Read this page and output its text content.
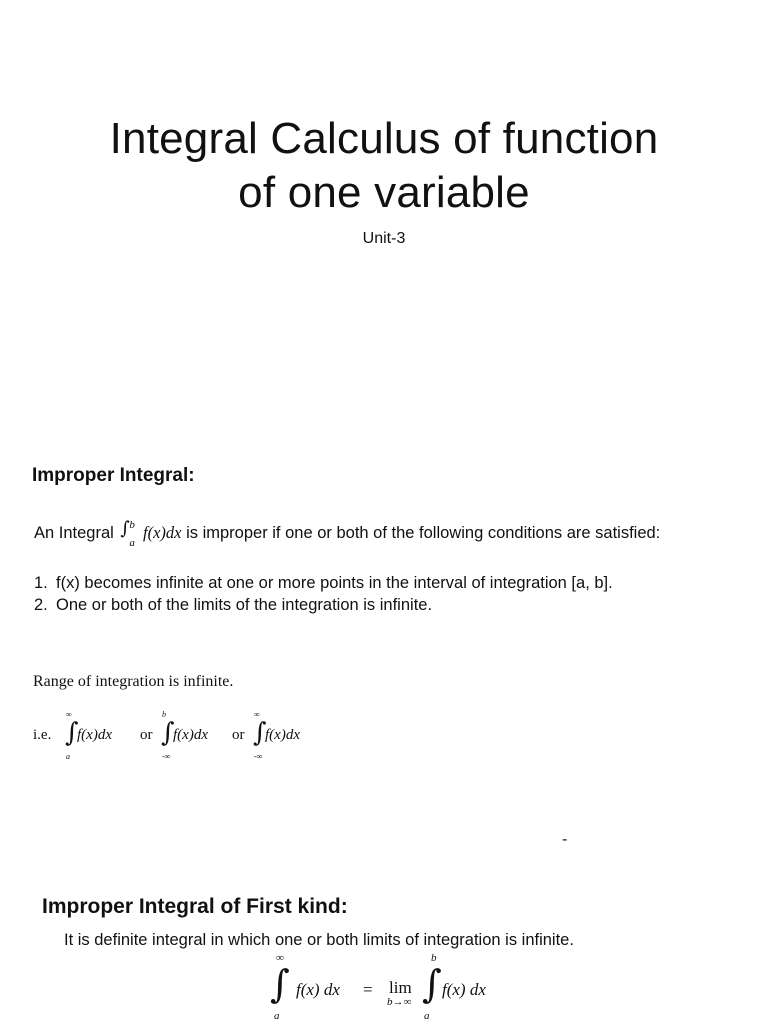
Integral Calculus of function
of one variable
Unit-3
Improper Integral:
An Integral ∫ b
a
f(x)dx is improper if one or both of the following conditions are satisfied:
1. f(x) becomes infinite at one or more points in the interval of integration [a, b].
2. One or both of the limits of the integration is infinite.
Range of integration is infinite.
i.e.
∞
∫
a
f(x)dx or
b
∫
-∞
f(x)dx or
∞
∫
-∞
f(x)dx
-
Improper Integral of First kind:
It is definite integral in which one or both limits of integration is infinite.
∞
∫
a
f(x) dx = lim
b→∞
b
∫
a
f(x) dx
